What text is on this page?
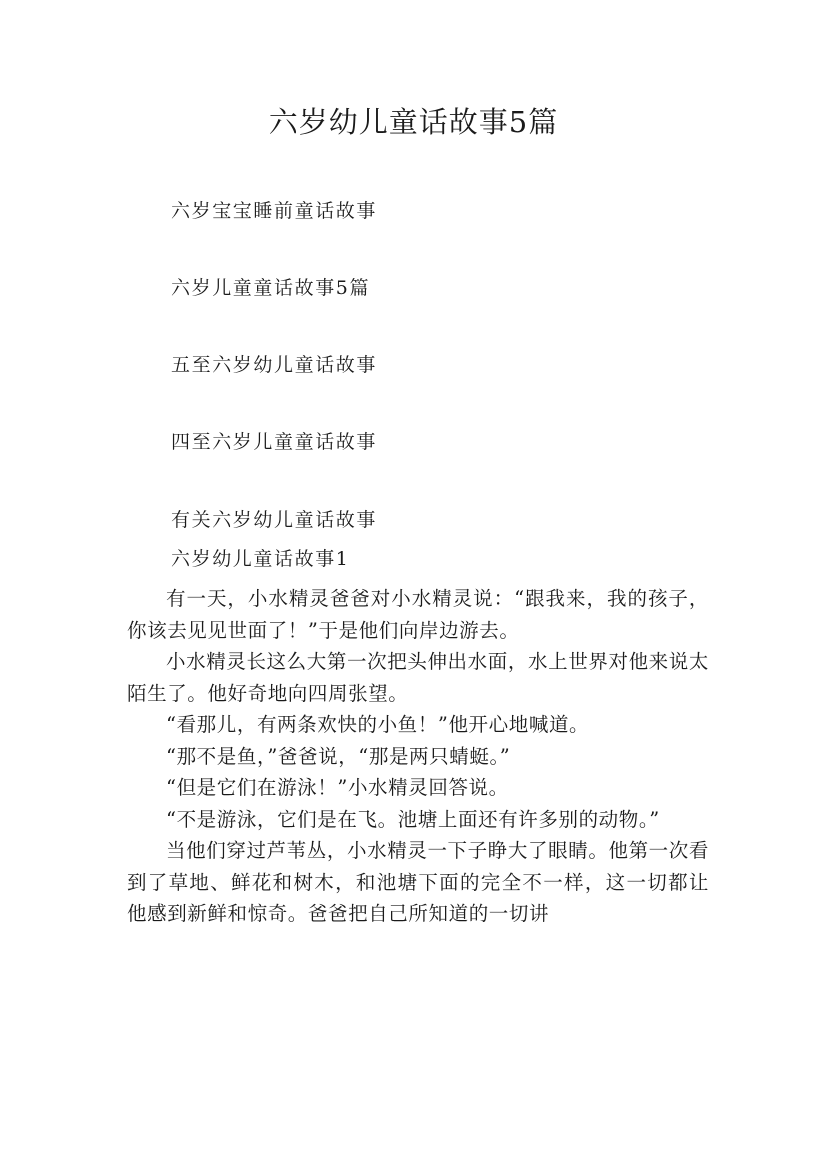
六岁幼儿童话故事5篇
六岁宝宝睡前童话故事
六岁儿童童话故事5篇
五至六岁幼儿童话故事
四至六岁儿童童话故事
有关六岁幼儿童话故事
六岁幼儿童话故事1

有一天，小水精灵爸爸对小水精灵说：“跟我来，我的孩子，你该去见见世面了！”于是他们向岸边游去。

小水精灵长这么大第一次把头伸出水面，水上世界对他来说太陌生了。他好奇地向四周张望。

“看那儿，有两条欢快的小鱼！”他开心地喊道。

“那不是鱼，”爸爸说，“那是两只蜻蜓。”

“但是它们在游泳！”小水精灵回答说。

“不是游泳，它们是在飞。池塘上面还有许多别的动物。”

当他们穿过芦苇丛，小水精灵一下子睁大了眼睛。他第一次看到了草地、鲜花和树木，和池塘下面的完全不一样，这一切都让他感到新鲜和惊奇。爸爸把自己所知道的一切讲
